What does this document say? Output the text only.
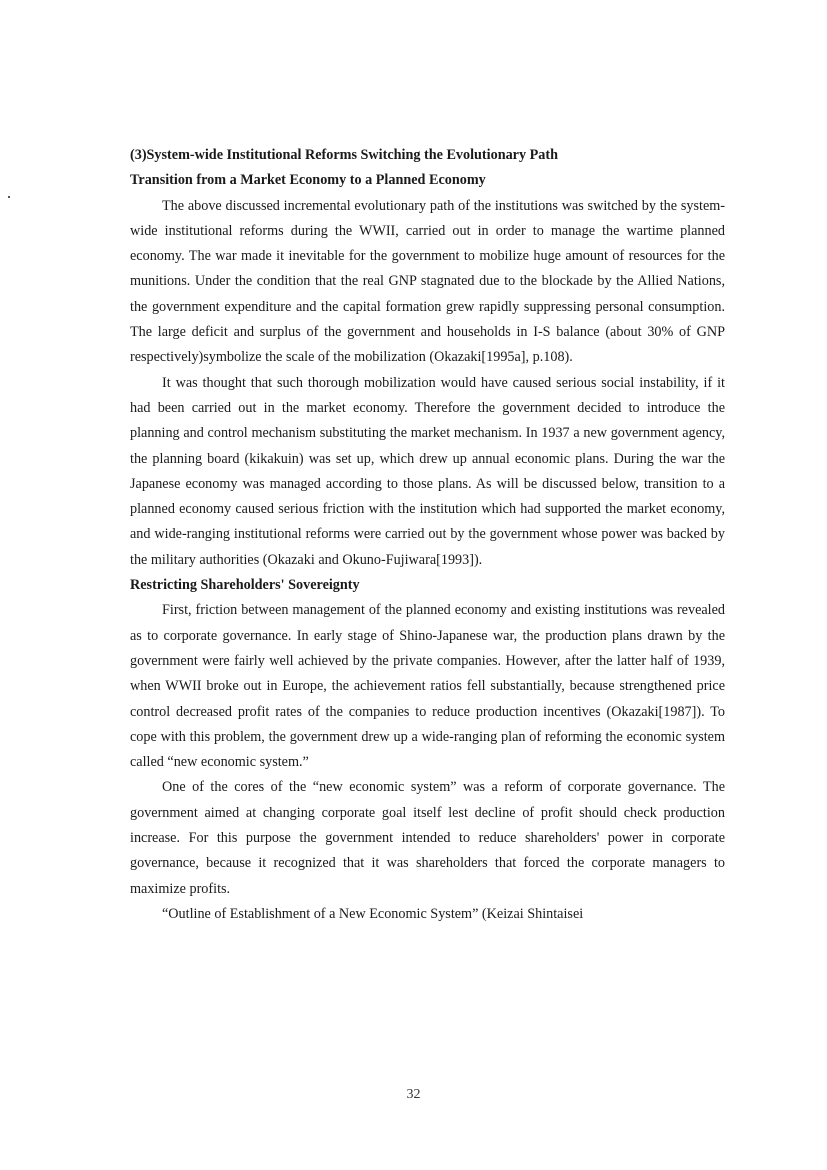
(3)System-wide Institutional Reforms Switching the Evolutionary Path
Transition from a Market Economy to a Planned Economy

The above discussed incremental evolutionary path of the institutions was switched by the system-wide institutional reforms during the WWII, carried out in order to manage the wartime planned economy. The war made it inevitable for the government to mobilize huge amount of resources for the munitions. Under the condition that the real GNP stagnated due to the blockade by the Allied Nations, the government expenditure and the capital formation grew rapidly suppressing personal consumption. The large deficit and surplus of the government and households in I-S balance (about 30% of GNP respectively)symbolize the scale of the mobilization (Okazaki[1995a], p.108).

It was thought that such thorough mobilization would have caused serious social instability, if it had been carried out in the market economy. Therefore the government decided to introduce the planning and control mechanism substituting the market mechanism. In 1937 a new government agency, the planning board (kikakuin) was set up, which drew up annual economic plans. During the war the Japanese economy was managed according to those plans. As will be discussed below, transition to a planned economy caused serious friction with the institution which had supported the market economy, and wide-ranging institutional reforms were carried out by the government whose power was backed by the military authorities (Okazaki and Okuno-Fujiwara[1993]).

Restricting Shareholders' Sovereignty

First, friction between management of the planned economy and existing institutions was revealed as to corporate governance. In early stage of Shino-Japanese war, the production plans drawn by the government were fairly well achieved by the private companies. However, after the latter half of 1939, when WWII broke out in Europe, the achievement ratios fell substantially, because strengthened price control decreased profit rates of the companies to reduce production incentives (Okazaki[1987]). To cope with this problem, the government drew up a wide-ranging plan of reforming the economic system called “new economic system.”

One of the cores of the “new economic system” was a reform of corporate governance. The government aimed at changing corporate goal itself lest decline of profit should check production increase. For this purpose the government intended to reduce shareholders' power in corporate governance, because it recognized that it was shareholders that forced the corporate managers to maximize profits.

“Outline of Establishment of a New Economic System” (Keizai Shintaisei

32
